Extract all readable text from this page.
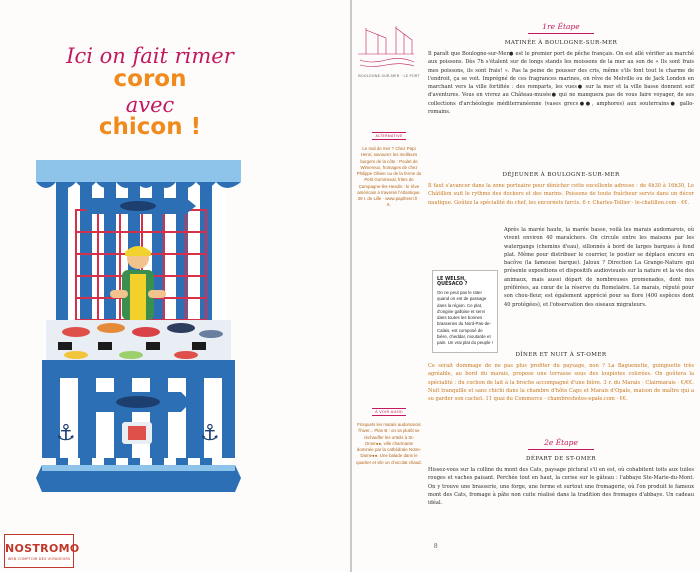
Ici on fait rimer
coron
avec
chicon !
⚓	⚓
NOSTROMO
WEB COMPTOIR DES VOYAGEURS
BOULOGNE-SUR-MER · LE PORT
ALTERNATIVE
Le mal de mer ? Chez Papi Henri, savourez les meilleurs burgers de la côte : Poulet de Wimereux, fromages de chez Philippe Olivier ou de la ferme du Petit Gommeval, frites de Campagne-lès-Hesdin : le rêve américain a traversé l'Atlantique. 39 r. de Lille · www.papihenri.fr · €.
À VOIR AUSSI
Frisquets les marais audomarois l'hiver... Plan B : on va plutôt se réchauffer les orteils à St-Omer●●, ville charmante dominée par la cathédrale Notre-Dame●●. Une balade dans le quartier et vile un chocolat chaud.
1re Étape
MATINÉE À BOULOGNE-SUR-MER
Il paraît que Boulogne-sur-Mer● est le premier port de pêche français. On est allé vérifier au marché aux poissons. Dès 7h s'étalent sur de longs stands les moissons de la mer au son de « Ils sont frais mes poissons, ils sont frais! ». Pas la peine de pousser des cris, même s'ils font tout le charme de l'endroit, ça se voit. Imprégné de ces fragrances marines, on rêve de Melville ou de Jack London en marchant vers la ville fortifiée : des remparts, les vues● sur la mer et la ville basse donnent soif d'aventures. Vous en vivrez au Château-musée● qui ne manquera pas de vous faire voyager, de ses collections d'archéologie méditerranéenne (vases grecs●●, amphores) aux souterrains● gallo-romains.
DÉJEUNER À BOULOGNE-SUR-MER
Il faut s'avancer dans la zone portuaire pour dénicher cette excellente adresse : de 4h30 à 16h30, Le Châtillon suit le rythme des dockers et des marins. Poissons de toute fraîcheur servis dans un décor nautique. Goûtez la spécialité du chef, les encornets farcis. 6 r. Charles-Tellier · le-chatillon.com · €€.
Après la marée haute, la marée basse, voilà les marais audomarois, où vivent environ 40 maraîchers. On circule entre les maisons par les watergangs (chemins d'eau), sillonnés à bord de larges barques à fond plat. Même pour distribuer le courrier, le postier se déplace encore en bacôve (la fameuse barque). Jaloux ? Direction La Grange-Nature qui présente expositions et dispositifs audiovisuels sur la nature et la vie des animaux, mais aussi départ de nombreuses promenades, dont nos préférées, au cœur de la réserve du Romelaëre. Le marais, réputé pour son chou-fleur, est également apprécié pour sa flore (400 espèces dont 40 protégées), et l'observation des oiseaux migrateurs.
DÎNER ET NUIT À ST-OMER
Ce serait dommage de ne pas plus profiter du paysage, non ? La Baguenette, guinguette très agréable, au bord du marais, propose une terrasse sous des loupiotes colorées. On goûtera la spécialité : du cochon de lait à la broche accompagné d'une bière. 3 r. du Marais · Clairmarais · €/€€. Nuit tranquille et sans chichi dans la chambre d'hôte Caps et Marais d'Opale, maison de maître qui a su garder son cachet. 11 quai du Commerce · chambreshotes-opale.com · €€.
2e Étape
DÉPART DE ST-OMER
Hissez-vous sur la colline du mont des Cats, paysage pictural s'il en est, où cohabitent toits aux tuiles rouges et vaches paisant. Perchée tout en haut, la cerise sur le gâteau : l'abbaye Ste-Marie-du-Mont. On y trouve une brasserie, une forge, une ferme et surtout une fromagerie, où l'on produit le fameux mont des Cats, fromage à pâte non cuite réalisé dans la tradition des fromages d'abbaye. Un cadeau idéal.
LE WELSH, QUÉSACO ?
On ne peut pas le rater quand on est de passage dans la région. Ce plat, d'origine galloise et servi dans toutes les bonnes brasseries du Nord-Pas-de-Calais, est composé de bière, cheddar, moutarde et pain. Un vrai plat du peuple !
8
